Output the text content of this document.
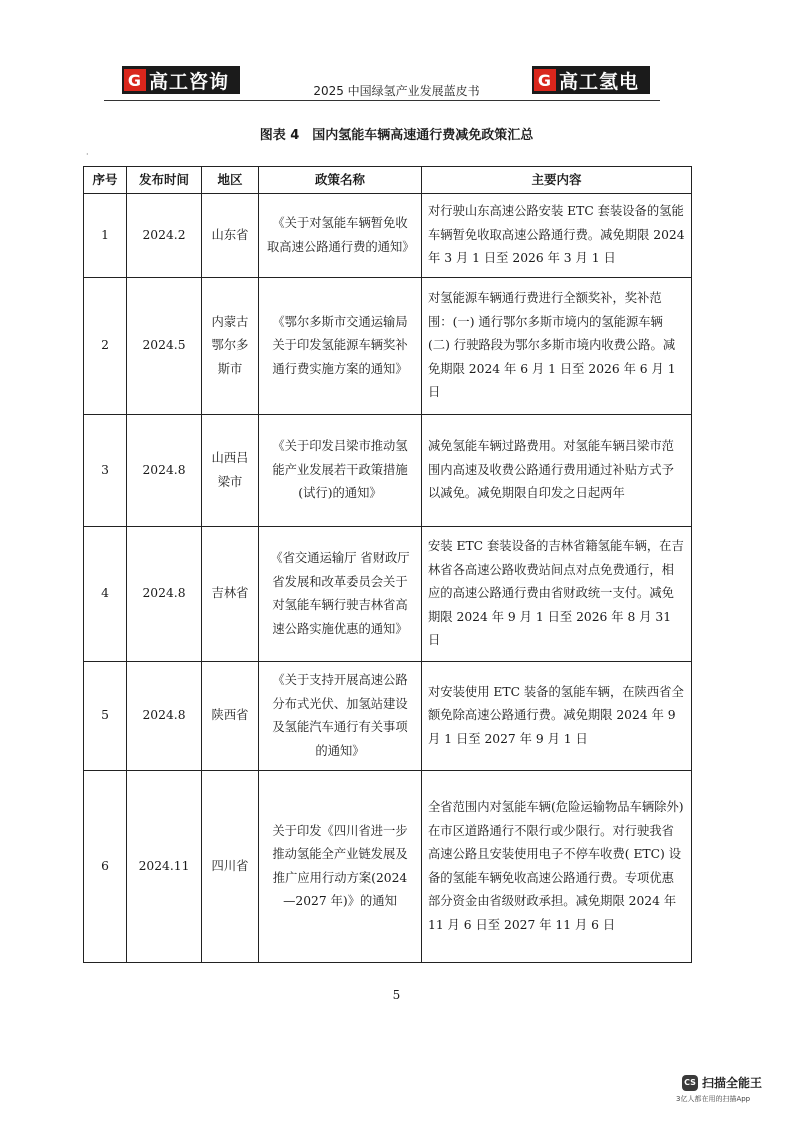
G 高工咨询	G 高工氢电
2025 中国绿氢产业发展蓝皮书
图表 4　国内氢能车辆高速通行费减免政策汇总
·
序号	发布时间	地区	政策名称	主要内容
1	2024.2	山东省	《关于对氢能车辆暂免收取高速公路通行费的通知》	对行驶山东高速公路安装 ETC 套装设备的氢能车辆暂免收取高速公路通行费。减免期限 2024 年 3 月 1 日至 2026 年 3 月 1 日
2	2024.5	内蒙古鄂尔多斯市	《鄂尔多斯市交通运输局关于印发氢能源车辆奖补通行费实施方案的通知》	对氢能源车辆通行费进行全额奖补，奖补范围：(一) 通行鄂尔多斯市境内的氢能源车辆 (二) 行驶路段为鄂尔多斯市境内收费公路。减免期限 2024 年 6 月 1 日至 2026 年 6 月 1 日
3	2024.8	山西吕梁市	《关于印发吕梁市推动氢能产业发展若干政策措施(试行)的通知》	减免氢能车辆过路费用。对氢能车辆吕梁市范围内高速及收费公路通行费用通过补贴方式予以减免。减免期限自印发之日起两年
4	2024.8	吉林省	《省交通运输厅 省财政厅 省发展和改革委员会关于对氢能车辆行驶吉林省高速公路实施优惠的通知》	安装 ETC 套装设备的吉林省籍氢能车辆，在吉林省各高速公路收费站间点对点免费通行，相应的高速公路通行费由省财政统一支付。减免期限 2024 年 9 月 1 日至 2026 年 8 月 31 日
5	2024.8	陕西省	《关于支持开展高速公路分布式光伏、加氢站建设及氢能汽车通行有关事项的通知》	对安装使用 ETC 装备的氢能车辆，在陕西省全额免除高速公路通行费。减免期限 2024 年 9 月 1 日至 2027 年 9 月 1 日
6	2024.11	四川省	关于印发《四川省进一步推动氢能全产业链发展及推广应用行动方案(2024—2027 年)》的通知	全省范围内对氢能车辆(危险运输物品车辆除外) 在市区道路通行不限行或少限行。对行驶我省高速公路且安装使用电子不停车收费( ETC) 设备的氢能车辆免收高速公路通行费。专项优惠部分资金由省级财政承担。减免期限 2024 年 11 月 6 日至 2027 年 11 月 6 日
5
CS 扫描全能王
3亿人都在用的扫描App
